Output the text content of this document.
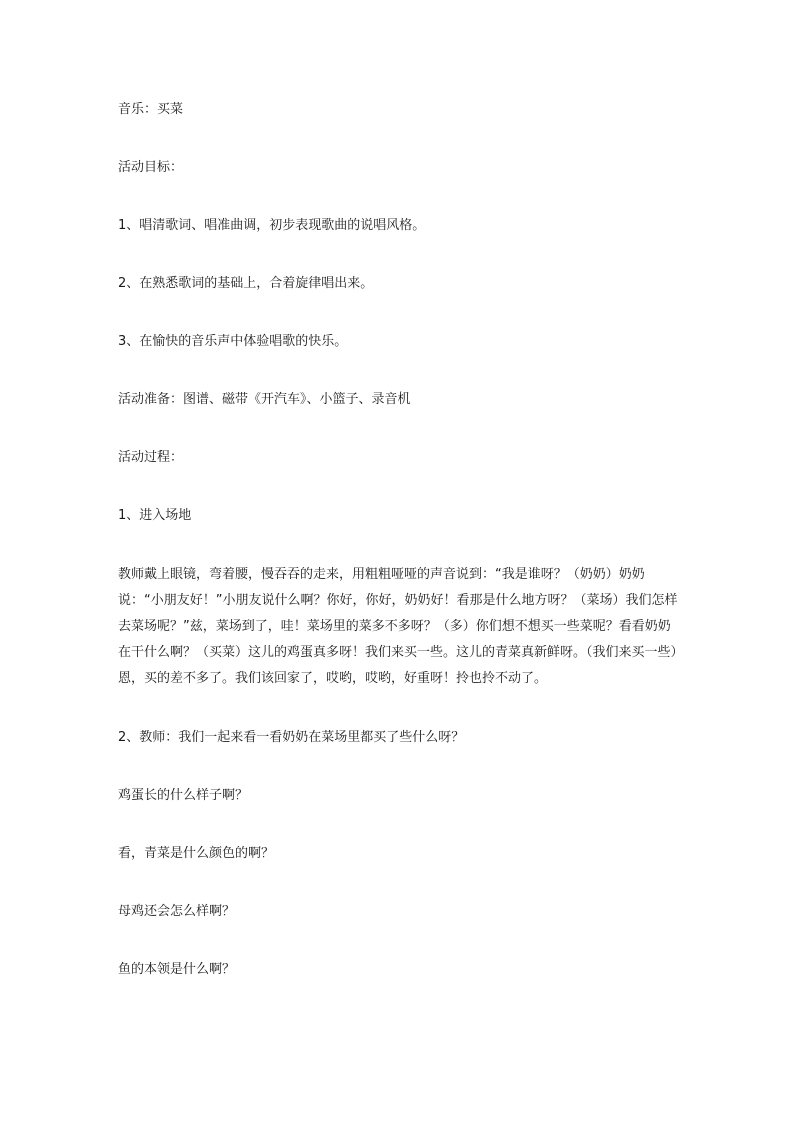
音乐：买菜

活动目标：

1、唱清歌词、唱准曲调，初步表现歌曲的说唱风格。

2、在熟悉歌词的基础上，合着旋律唱出来。

3、在愉快的音乐声中体验唱歌的快乐。

活动准备：图谱、磁带《开汽车》、小篮子、录音机

活动过程：

1、进入场地

教师戴上眼镜，弯着腰，慢吞吞的走来，用粗粗哑哑的声音说到：“我是谁呀？（奶奶）奶奶说：“小朋友好！”小朋友说什么啊？你好，你好，奶奶好！看那是什么地方呀？（菜场）我们怎样去菜场呢？”兹，菜场到了，哇！菜场里的菜多不多呀？（多）你们想不想买一些菜呢？看看奶奶在干什么啊？（买菜）这儿的鸡蛋真多呀！我们来买一些。这儿的青菜真新鲜呀。（我们来买一些）恩，买的差不多了。我们该回家了，哎哟，哎哟，好重呀！拎也拎不动了。

2、教师：我们一起来看一看奶奶在菜场里都买了些什么呀？

鸡蛋长的什么样子啊？

看，青菜是什么颜色的啊？

母鸡还会怎么样啊？

鱼的本领是什么啊？
